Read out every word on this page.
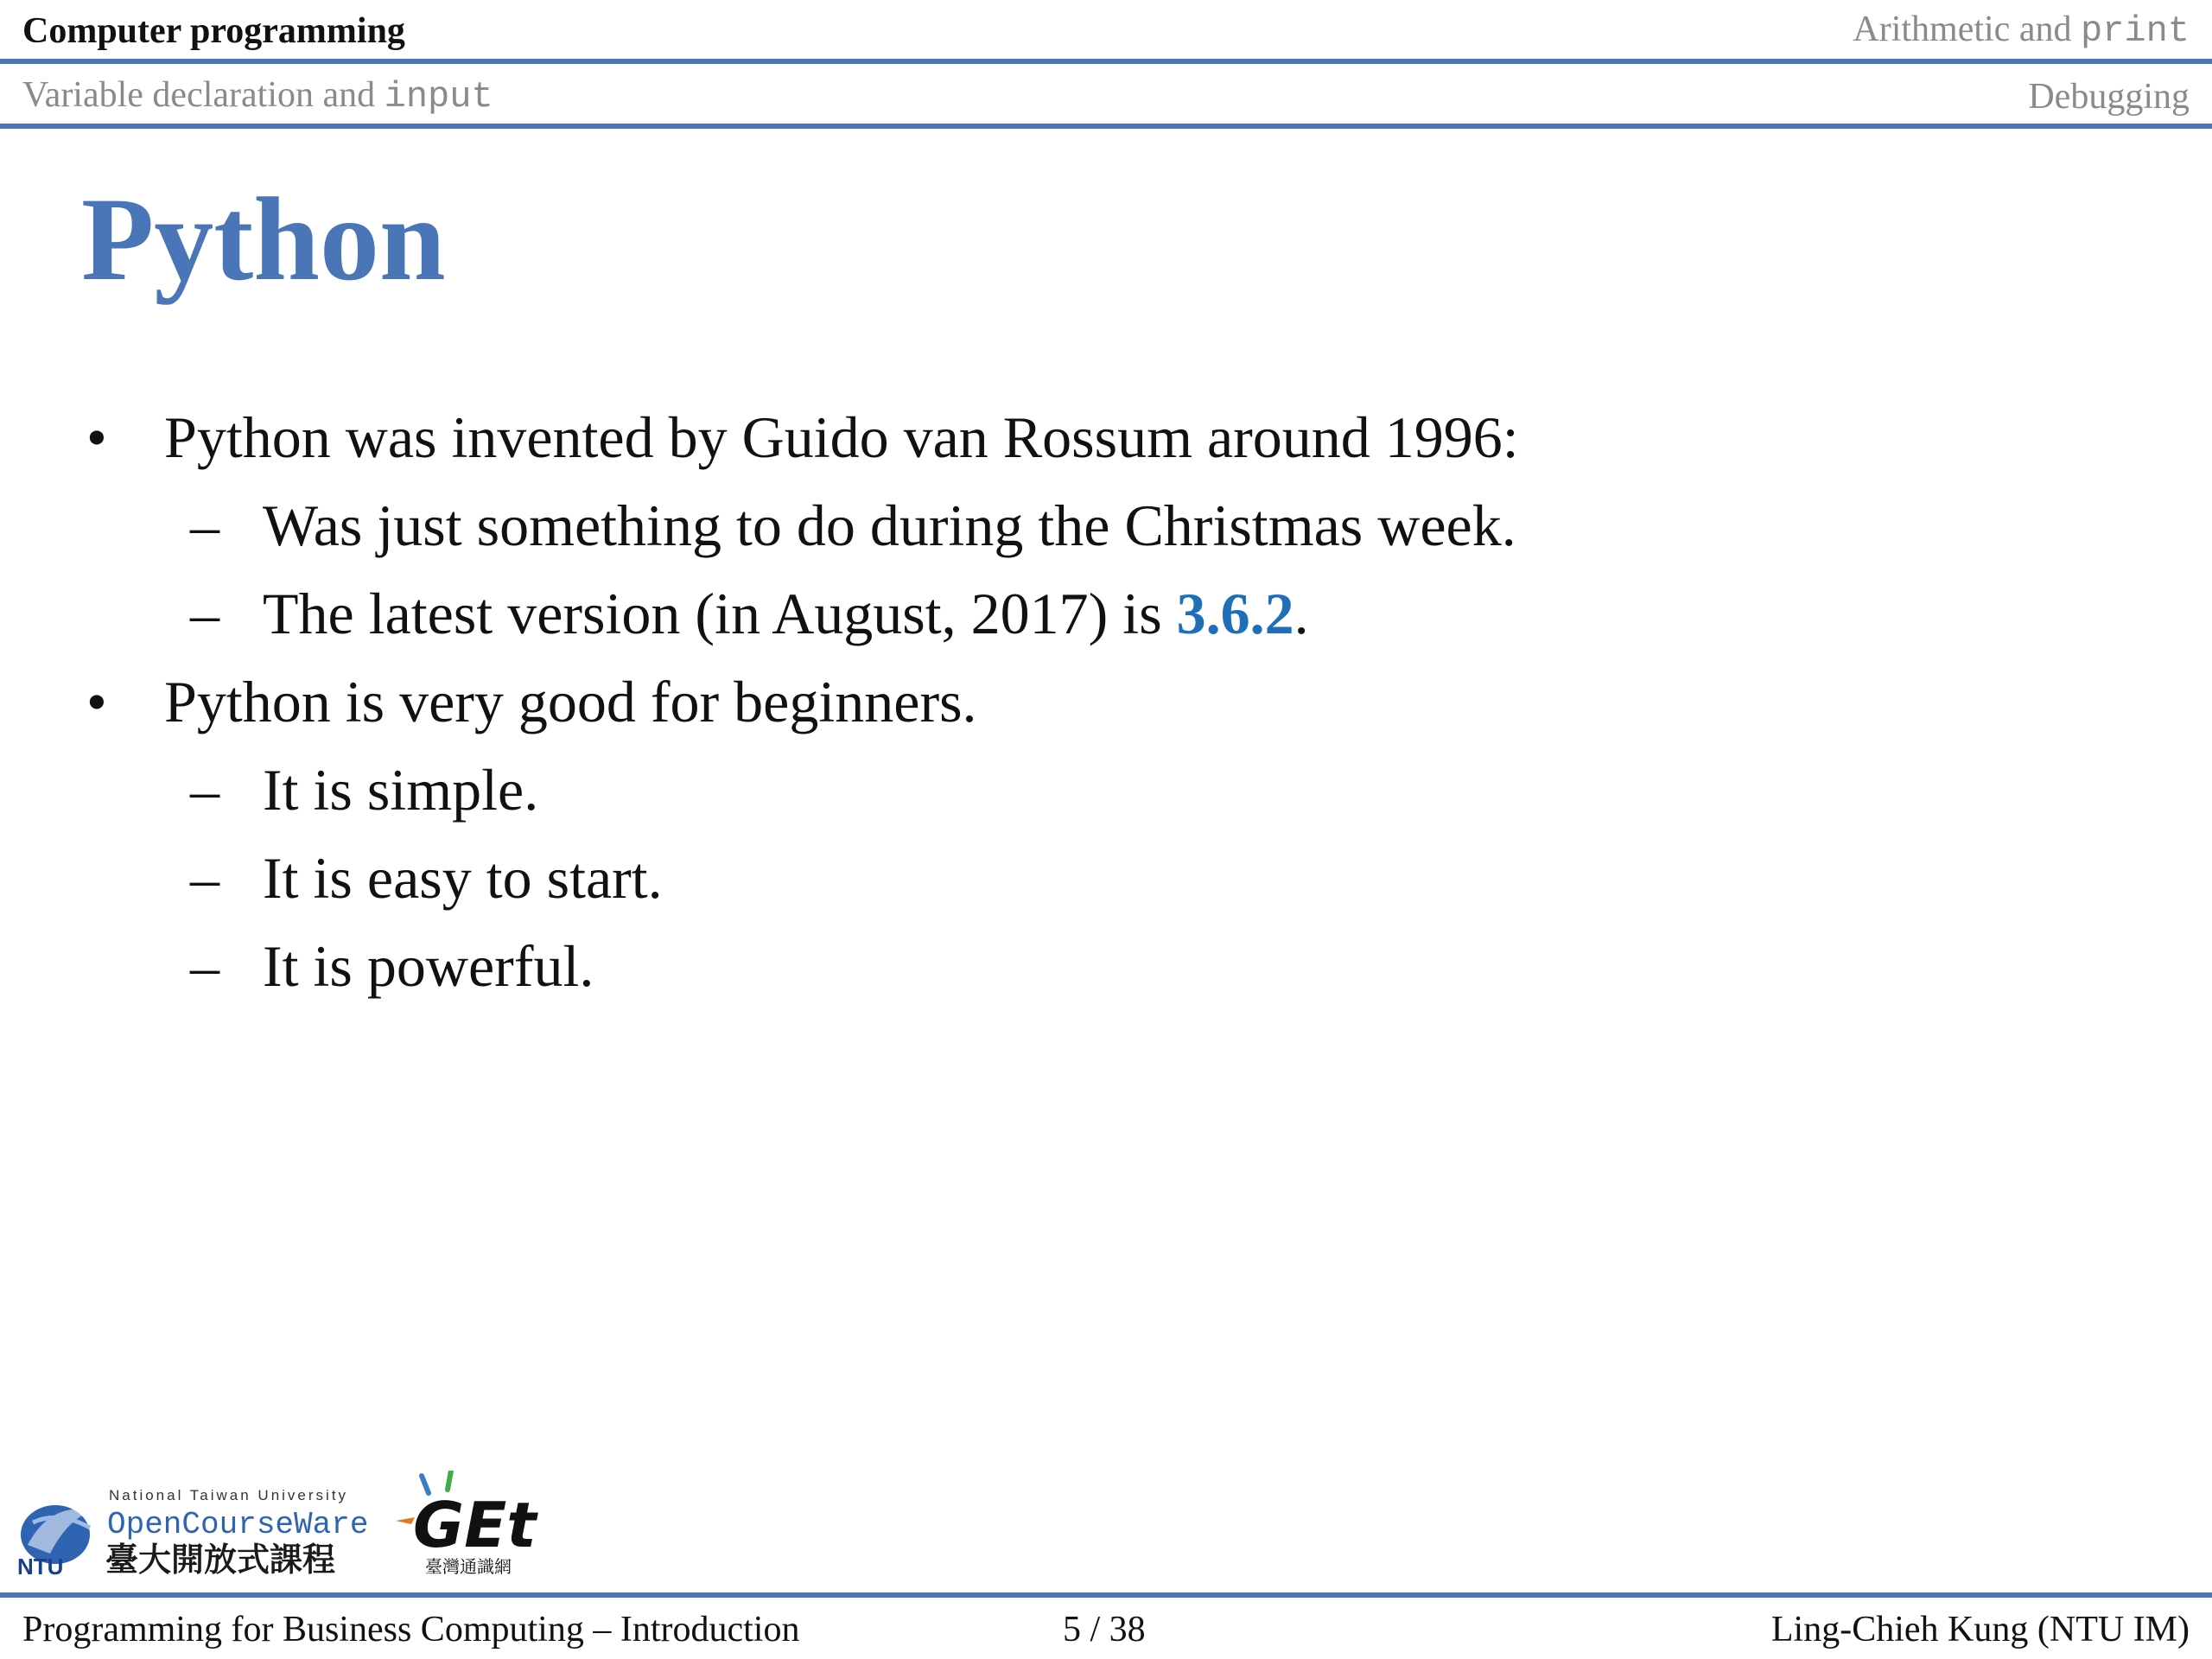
Computer programming	Arithmetic and print
Variable declaration and input	Debugging
Python
• Python was invented by Guido van Rossum around 1996:
– Was just something to do during the Christmas week.
– The latest version (in August, 2017) is 3.6.2.
• Python is very good for beginners.
– It is simple.
– It is easy to start.
– It is powerful.
NTU
National Taiwan University
OpenCourseWare
臺大開放式課程 GEt
臺灣通識網
Programming for Business Computing – Introduction	5 / 38	Ling-Chieh Kung (NTU IM)
